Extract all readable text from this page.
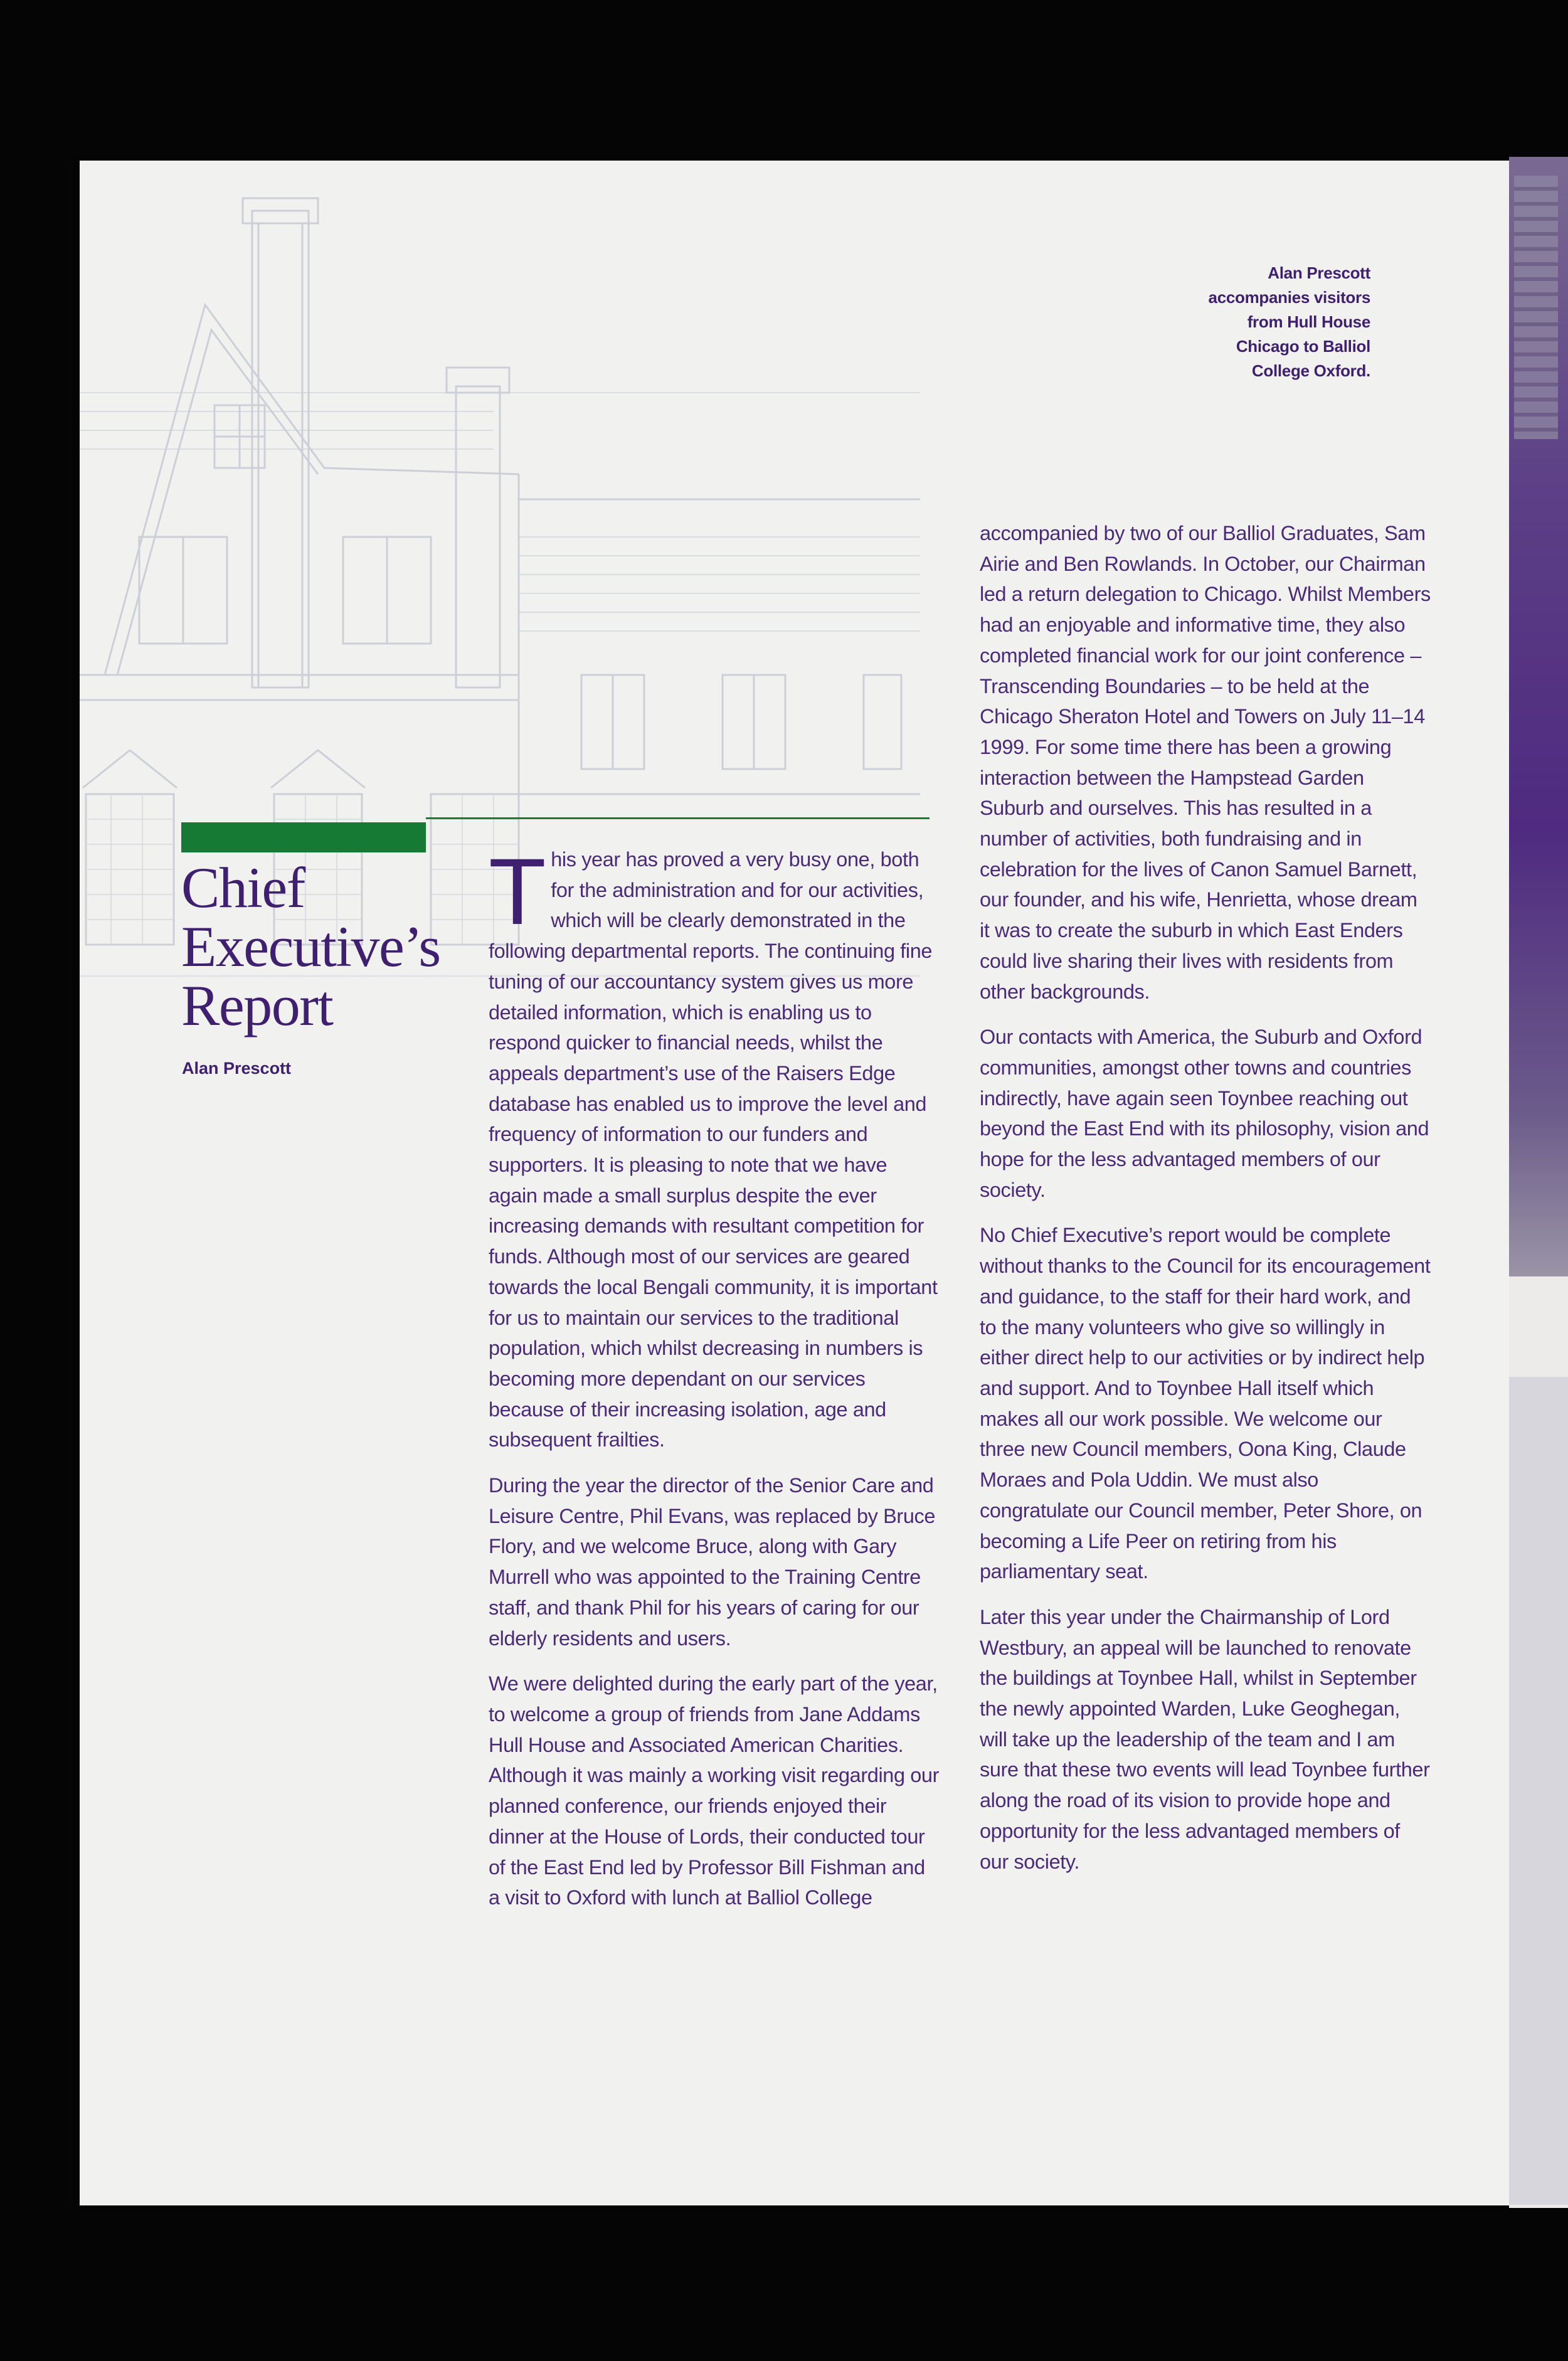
Alan Prescott
accompanies visitors
from Hull House
Chicago to Balliol
College Oxford.
Chief
Executive’s
Report
Alan Prescott

This year has proved a very busy one, both for the administration and for our activities, which will be clearly demonstrated in the following departmental reports. The continuing fine tuning of our accountancy system gives us more detailed information, which is enabling us to respond quicker to financial needs, whilst the appeals department’s use of the Raisers Edge database has enabled us to improve the level and frequency of information to our funders and supporters. It is pleasing to note that we have again made a small surplus despite the ever increasing demands with resultant competition for funds. Although most of our services are geared towards the local Bengali community, it is important for us to maintain our services to the traditional population, which whilst decreasing in numbers is becoming more dependant on our services because of their increasing isolation, age and subsequent frailties.

During the year the director of the Senior Care and Leisure Centre, Phil Evans, was replaced by Bruce Flory, and we welcome Bruce, along with Gary Murrell who was appointed to the Training Centre staff, and thank Phil for his years of caring for our elderly residents and users.

We were delighted during the early part of the year, to welcome a group of friends from Jane Addams Hull House and Associated American Charities. Although it was mainly a working visit regarding our planned conference, our friends enjoyed their dinner at the House of Lords, their conducted tour of the East End led by Professor Bill Fishman and a visit to Oxford with lunch at Balliol College

accompanied by two of our Balliol Graduates, Sam Airie and Ben Rowlands. In October, our Chairman led a return delegation to Chicago. Whilst Members had an enjoyable and informative time, they also completed financial work for our joint conference – Transcending Boundaries – to be held at the Chicago Sheraton Hotel and Towers on July 11–14 1999. For some time there has been a growing interaction between the Hampstead Garden Suburb and ourselves. This has resulted in a number of activities, both fundraising and in celebration for the lives of Canon Samuel Barnett, our founder, and his wife, Henrietta, whose dream it was to create the suburb in which East Enders could live sharing their lives with residents from other backgrounds.

Our contacts with America, the Suburb and Oxford communities, amongst other towns and countries indirectly, have again seen Toynbee reaching out beyond the East End with its philosophy, vision and hope for the less advantaged members of our society.

No Chief Executive’s report would be complete without thanks to the Council for its encouragement and guidance, to the staff for their hard work, and to the many volunteers who give so willingly in either direct help to our activities or by indirect help and support. And to Toynbee Hall itself which makes all our work possible. We welcome our three new Council members, Oona King, Claude Moraes and Pola Uddin. We must also congratulate our Council member, Peter Shore, on becoming a Life Peer on retiring from his parliamentary seat.

Later this year under the Chairmanship of Lord Westbury, an appeal will be launched to renovate the buildings at Toynbee Hall, whilst in September the newly appointed Warden, Luke Geoghegan, will take up the leadership of the team and I am sure that these two events will lead Toynbee further along the road of its vision to provide hope and opportunity for the less advantaged members of our society.
